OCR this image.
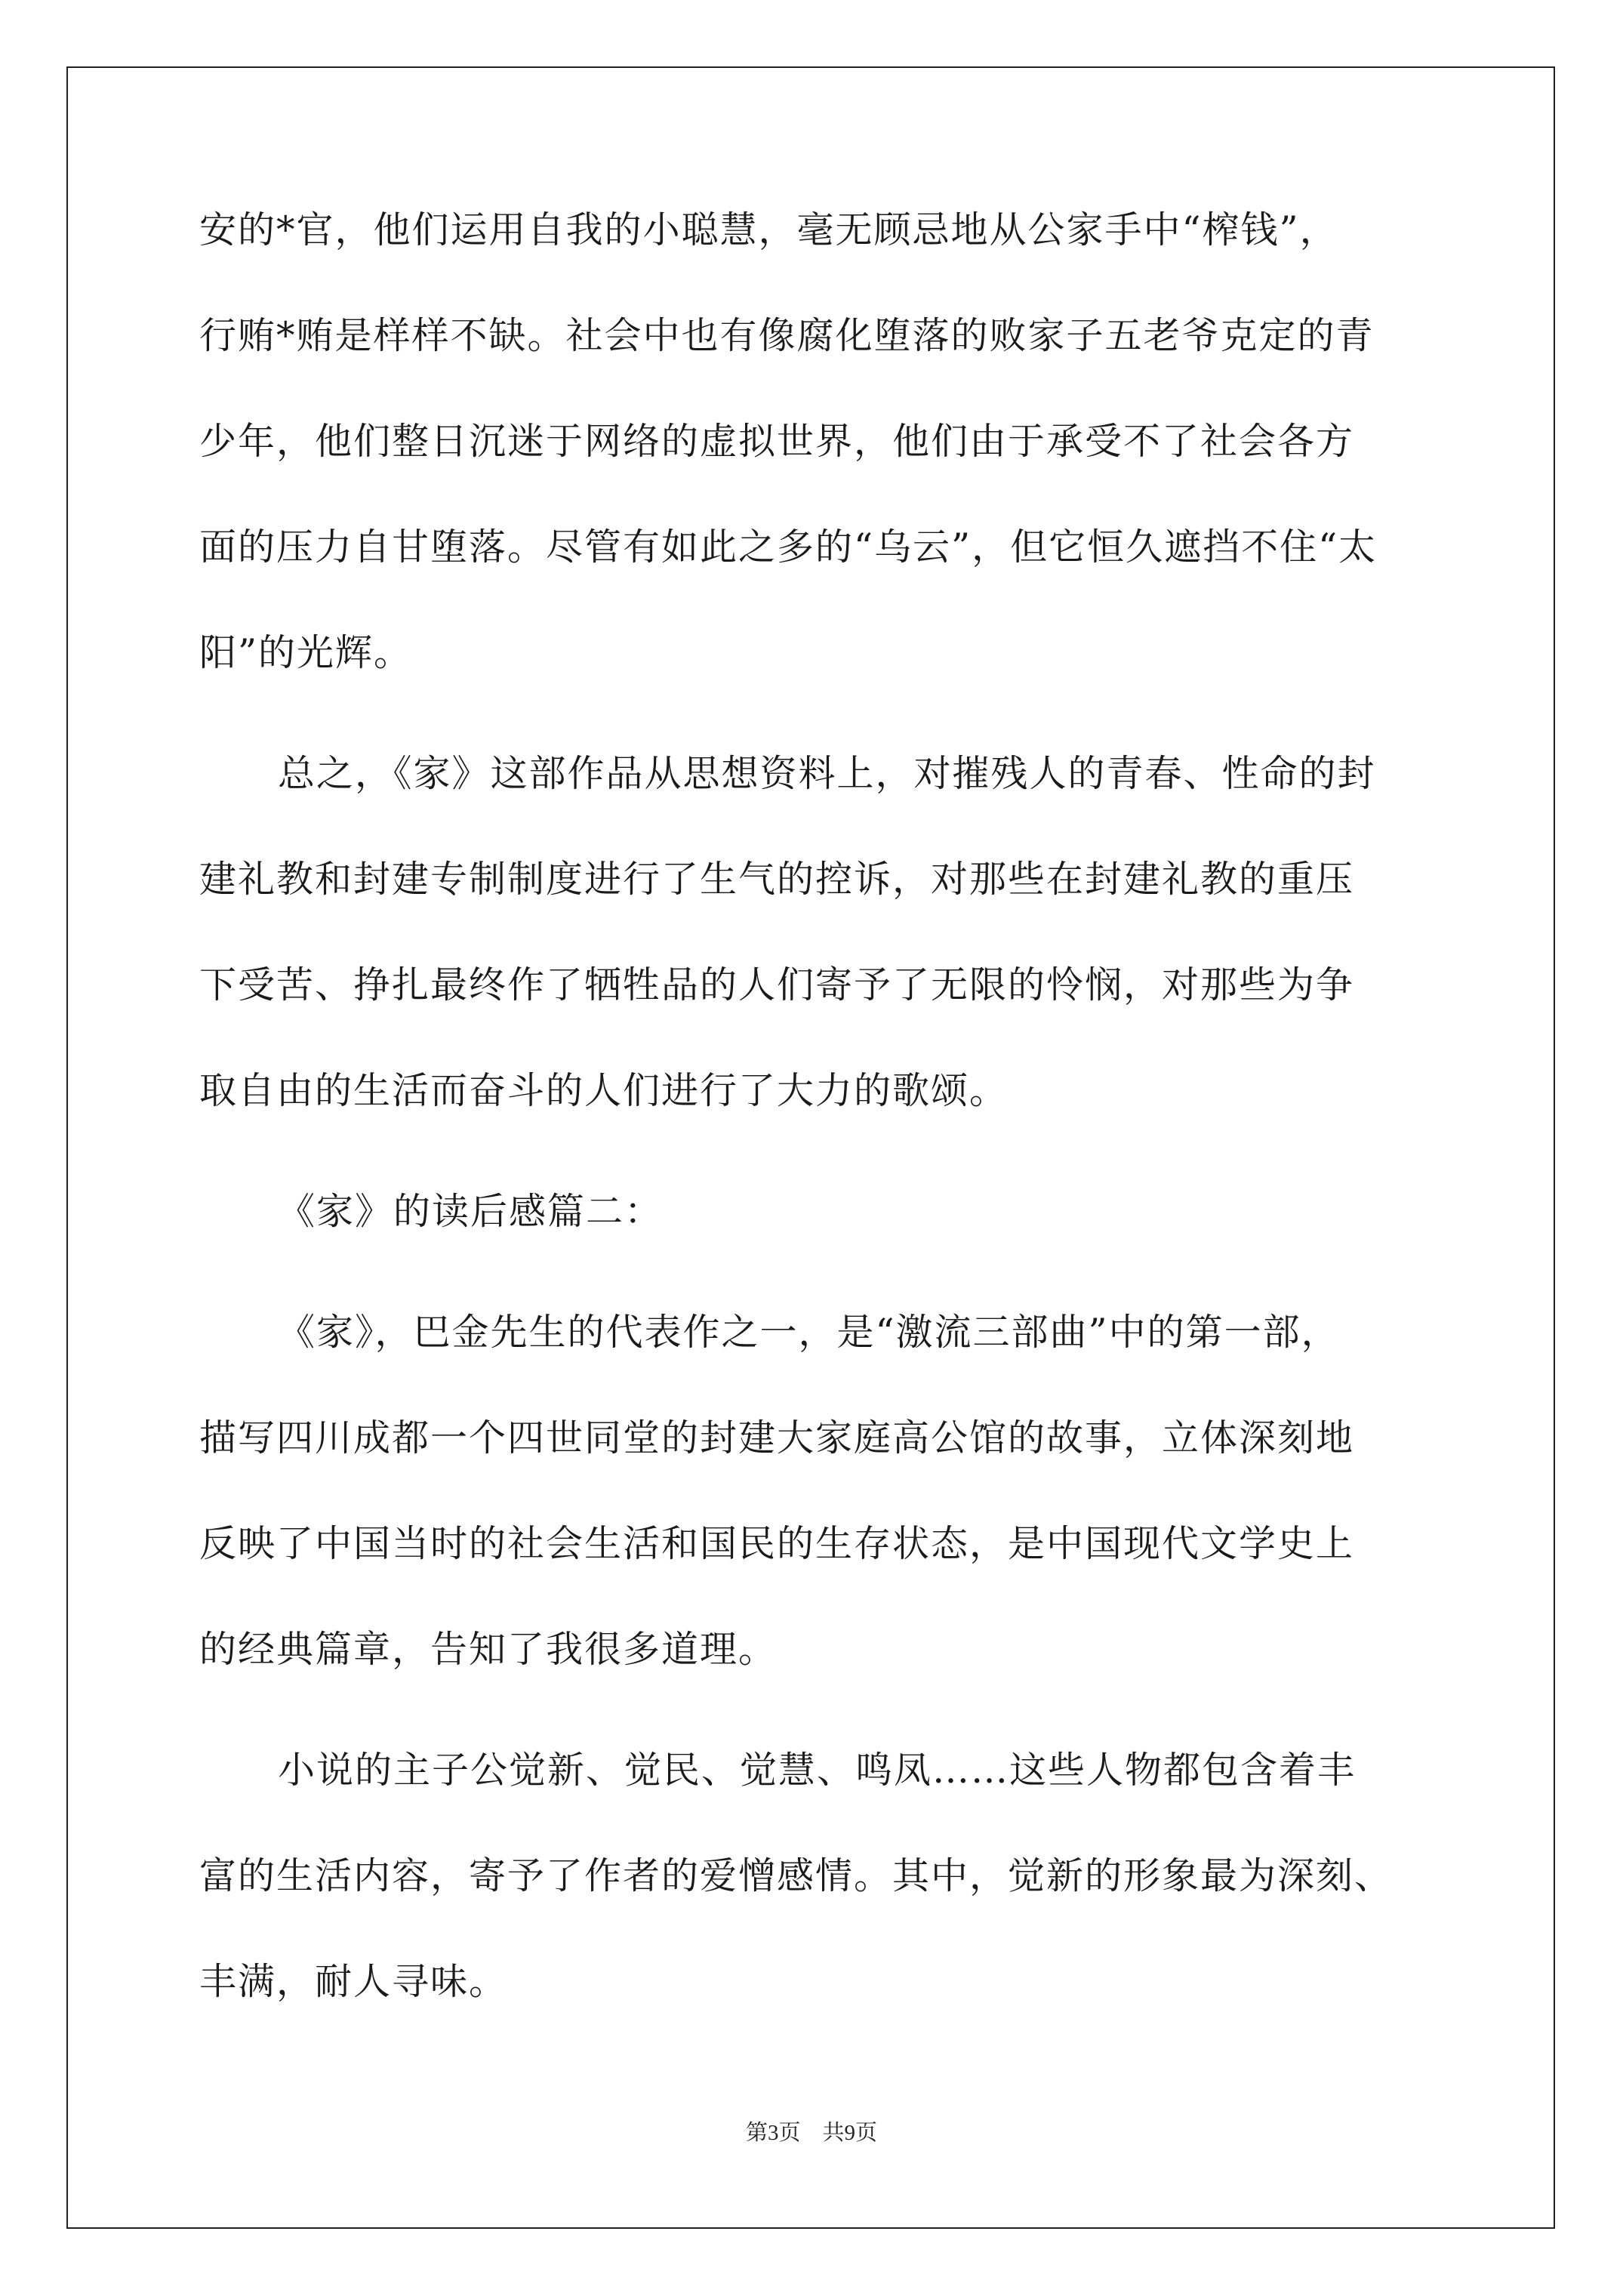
安的*官，他们运用自我的小聪慧，毫无顾忌地从公家手中“榨钱”，
行贿*贿是样样不缺。社会中也有像腐化堕落的败家子五老爷克定的青
少年，他们整日沉迷于网络的虚拟世界，他们由于承受不了社会各方
面的压力自甘堕落。尽管有如此之多的“乌云”，但它恒久遮挡不住“太
阳”的光辉。
总之，《家》这部作品从思想资料上，对摧残人的青春、性命的封
建礼教和封建专制制度进行了生气的控诉，对那些在封建礼教的重压
下受苦、挣扎最终作了牺牲品的人们寄予了无限的怜悯，对那些为争
取自由的生活而奋斗的人们进行了大力的歌颂。
《家》的读后感篇二：
《家》，巴金先生的代表作之一，是“激流三部曲”中的第一部，
描写四川成都一个四世同堂的封建大家庭高公馆的故事，立体深刻地
反映了中国当时的社会生活和国民的生存状态，是中国现代文学史上
的经典篇章，告知了我很多道理。
小说的主子公觉新、觉民、觉慧、鸣凤……这些人物都包含着丰
富的生活内容，寄予了作者的爱憎感情。其中，觉新的形象最为深刻、
丰满，耐人寻味。
第3页　共9页
